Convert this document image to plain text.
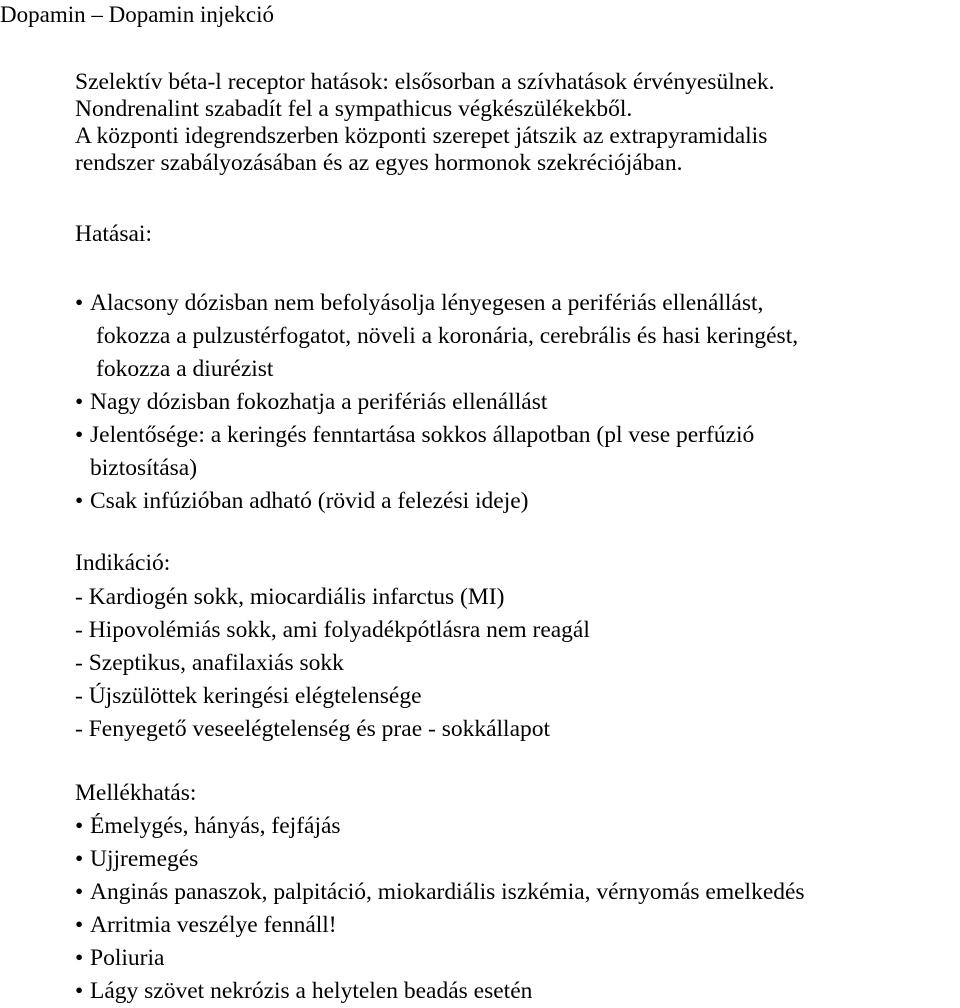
Dopamin – Dopamin injekció
Szelektív béta-l receptor hatások: elsősorban a szívhatások érvényesülnek.
Nondrenalint szabadít fel a sympathicus végkészülékekből.
A központi idegrendszerben központi szerepet játszik az extrapyramidalis
rendszer szabályozásában és az egyes hormonok szekréciójában.
Hatásai:
• Alacsony dózisban nem befolyásolja lényegesen a perifériás ellenállást,
fokozza a pulzustérfogatot, növeli a koronária, cerebrális és hasi keringést,
fokozza a diurézist
• Nagy dózisban fokozhatja a perifériás ellenállást
• Jelentősége: a keringés fenntartása sokkos állapotban (pl vese perfúzió
biztosítása)
• Csak infúzióban adható (rövid a felezési ideje)
Indikáció:
- Kardiogén sokk, miocardiális infarctus (MI)
- Hipovolémiás sokk, ami folyadékpótlásra nem reagál
- Szeptikus, anafilaxiás sokk
- Újszülöttek keringési elégtelensége
- Fenyegető veseelégtelenség és prae - sokkállapot
Mellékhatás:
• Émelygés, hányás, fejfájás
• Ujjremegés
• Anginás panaszok, palpitáció, miokardiális iszkémia, vérnyomás emelkedés
• Arritmia veszélye fennáll!
• Poliuria
• Lágy szövet nekrózis a helytelen beadás esetén
